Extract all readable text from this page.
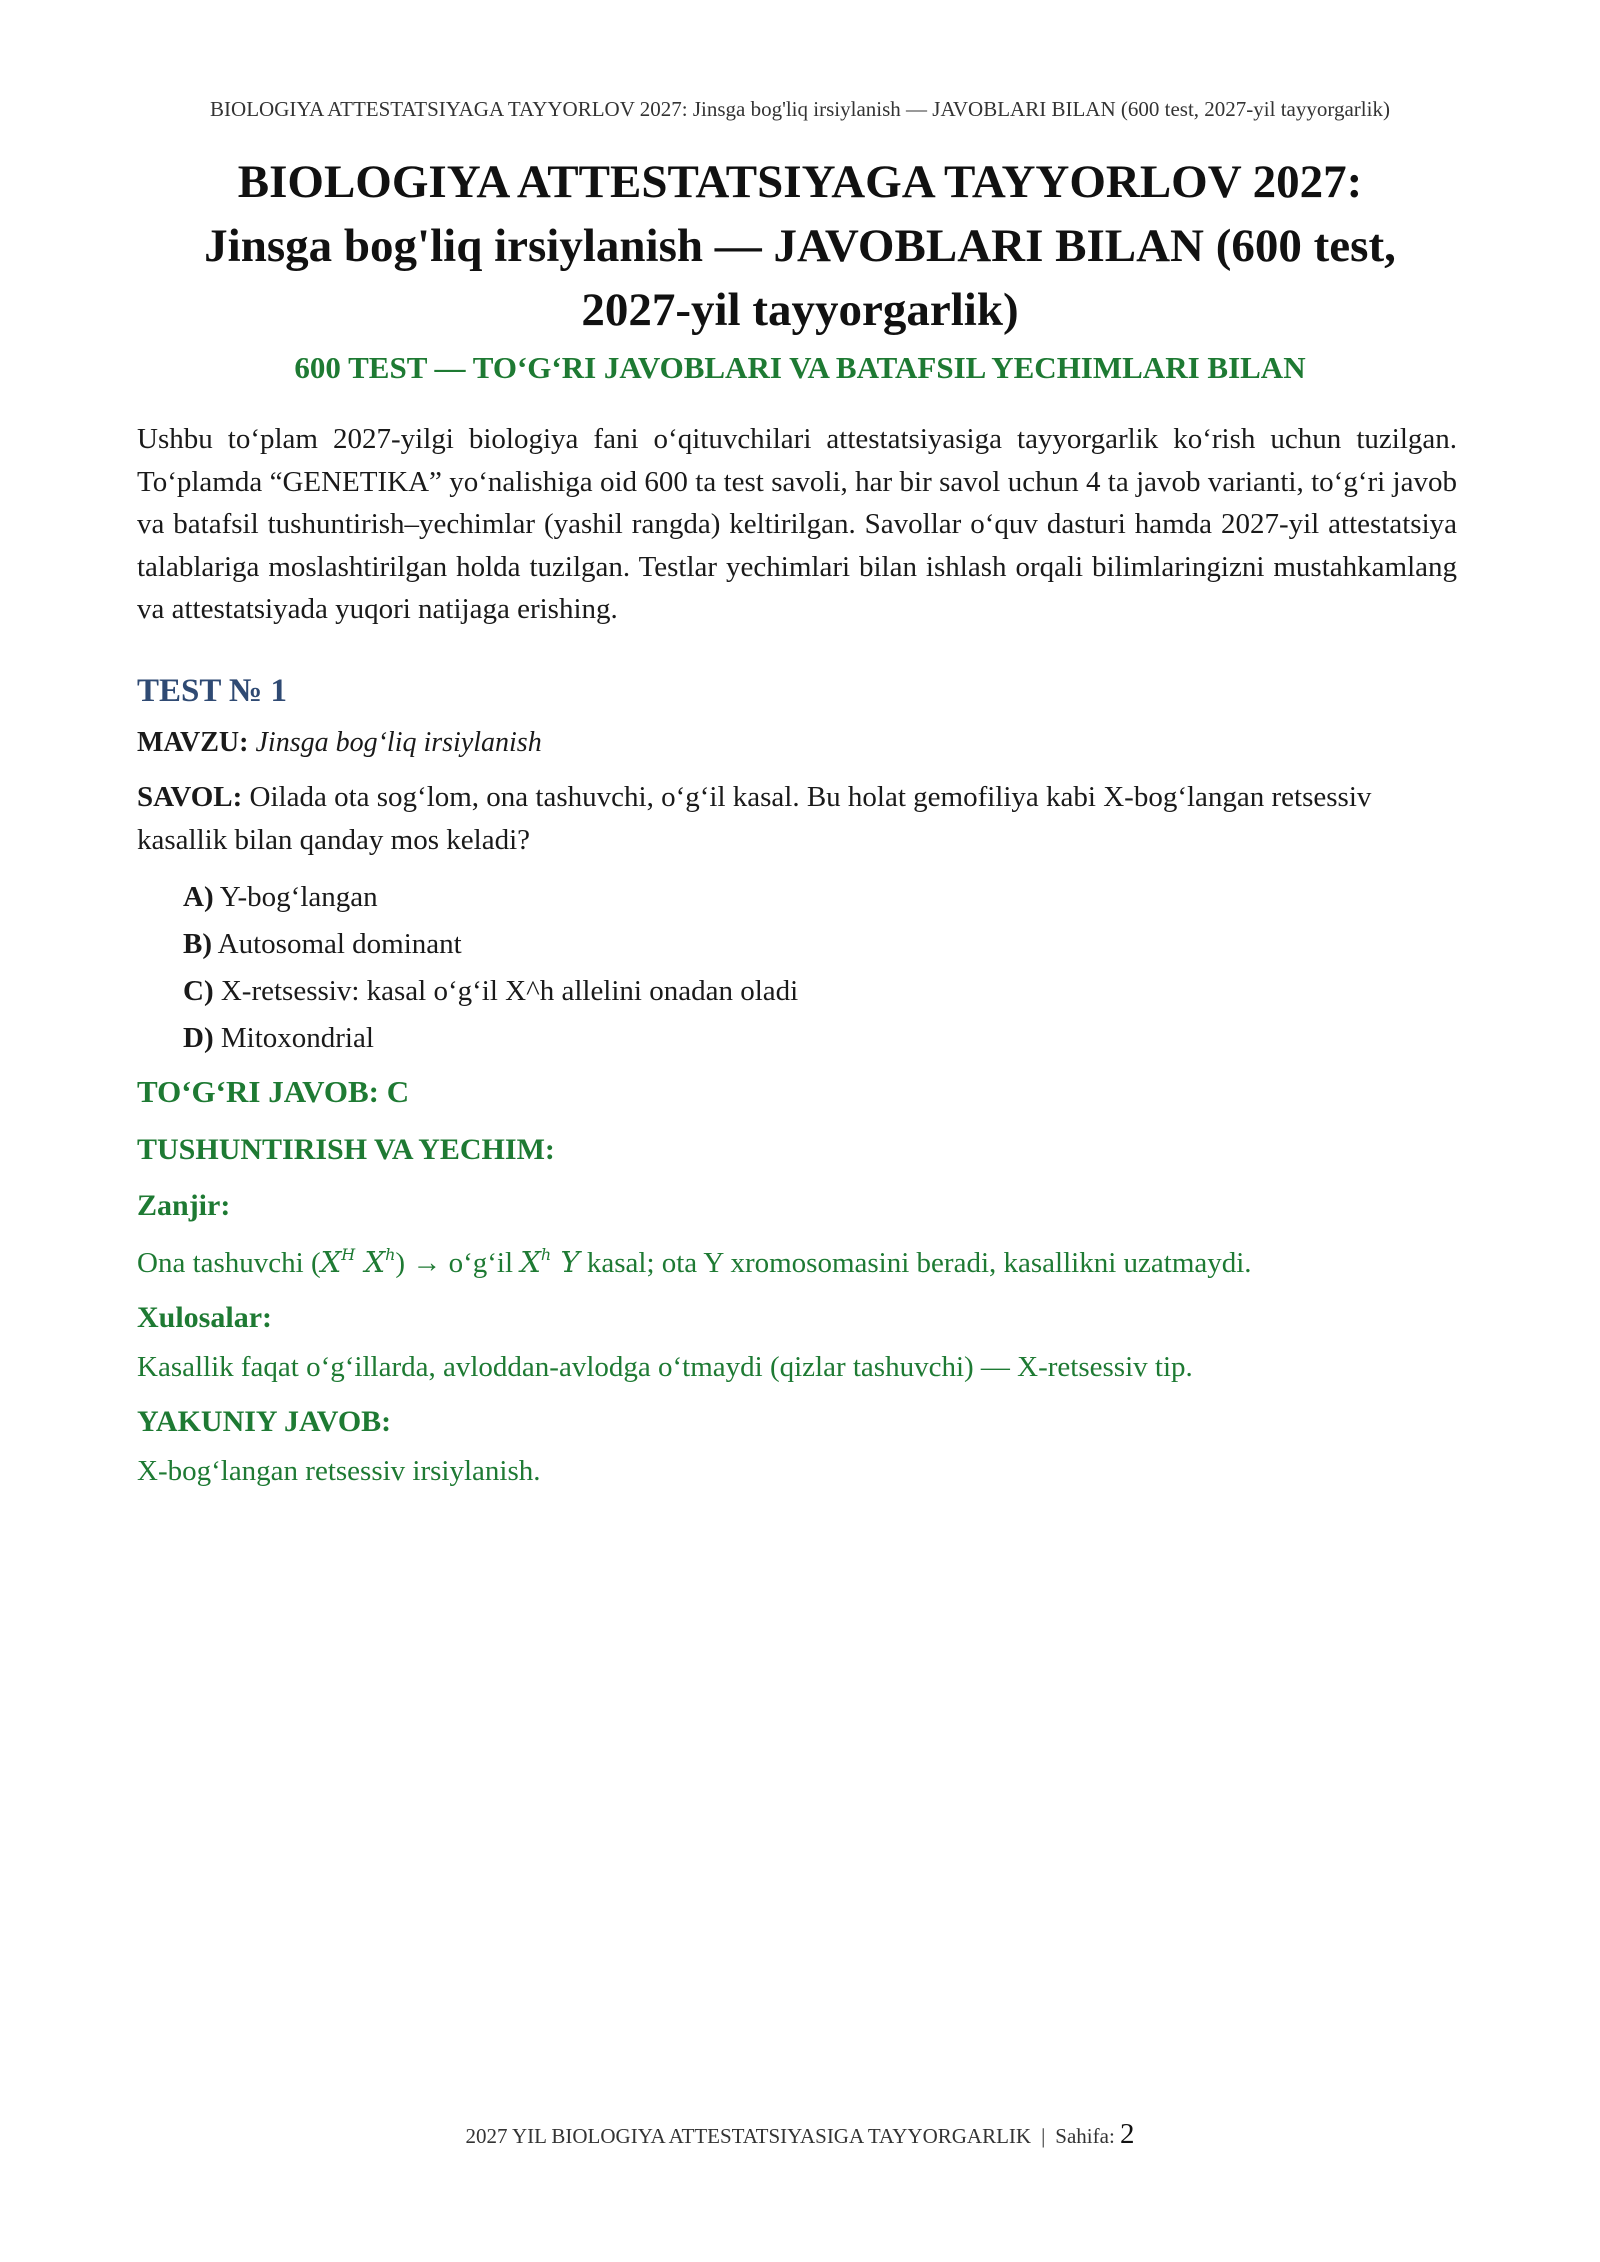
BIOLOGIYA ATTESTATSIYAGA TAYYORLOV 2027: Jinsga bog'liq irsiylanish — JAVOBLARI BILAN (600 test, 2027-yil tayyorgarlik)
BIOLOGIYA ATTESTATSIYAGA TAYYORLOV 2027:
Jinsga bog'liq irsiylanish — JAVOBLARI BILAN (600 test,
2027-yil tayyorgarlik)

600 TEST — TO‘G‘RI JAVOBLARI VA BATAFSIL YECHIMLARI BILAN

Ushbu to‘plam 2027-yilgi biologiya fani o‘qituvchilari attestatsiyasiga tayyorgarlik ko‘rish uchun tuzilgan. To‘plamda “GENETIKA” yo‘nalishiga oid 600 ta test savoli, har bir savol uchun 4 ta javob varianti, to‘g‘ri javob va batafsil tushuntirish–yechimlar (yashil rangda) keltirilgan. Savollar o‘quv dasturi hamda 2027-yil attestatsiya talablariga moslashtirilgan holda tuzilgan. Testlar yechimlari bilan ishlash orqali bilimlaringizni mustahkamlang va attestatsiyada yuqori natijaga erishing.

TEST № 1
MAVZU: Jinsga bog‘liq irsiylanish
SAVOL: Oilada ota sog‘lom, ona tashuvchi, o‘g‘il kasal. Bu holat gemofiliya kabi X-bog‘langan retsessiv kasallik bilan qanday mos keladi?
A) Y-bog‘langan
B) Autosomal dominant
C) X-retsessiv: kasal o‘g‘il X^h allelini onadan oladi
D) Mitoxondrial
TO‘G‘RI JAVOB: C
TUSHUNTIRISH VA YECHIM:
Zanjir:
Ona tashuvchi ($X^H$ $X^h$) → o‘g‘il $X^h$ Y kasal; ota Y xromosomasini beradi, kasallikni uzatmaydi.
Xulosalar:
Kasallik faqat o‘g‘illarda, avloddan-avlodga o‘tmaydi (qizlar tashuvchi) — X-retsessiv tip.
YAKUNIY JAVOB:
X-bog‘langan retsessiv irsiylanish.
2027 YIL BIOLOGIYA ATTESTATSIYASIGA TAYYORGARLIK | Sahifa: 2
